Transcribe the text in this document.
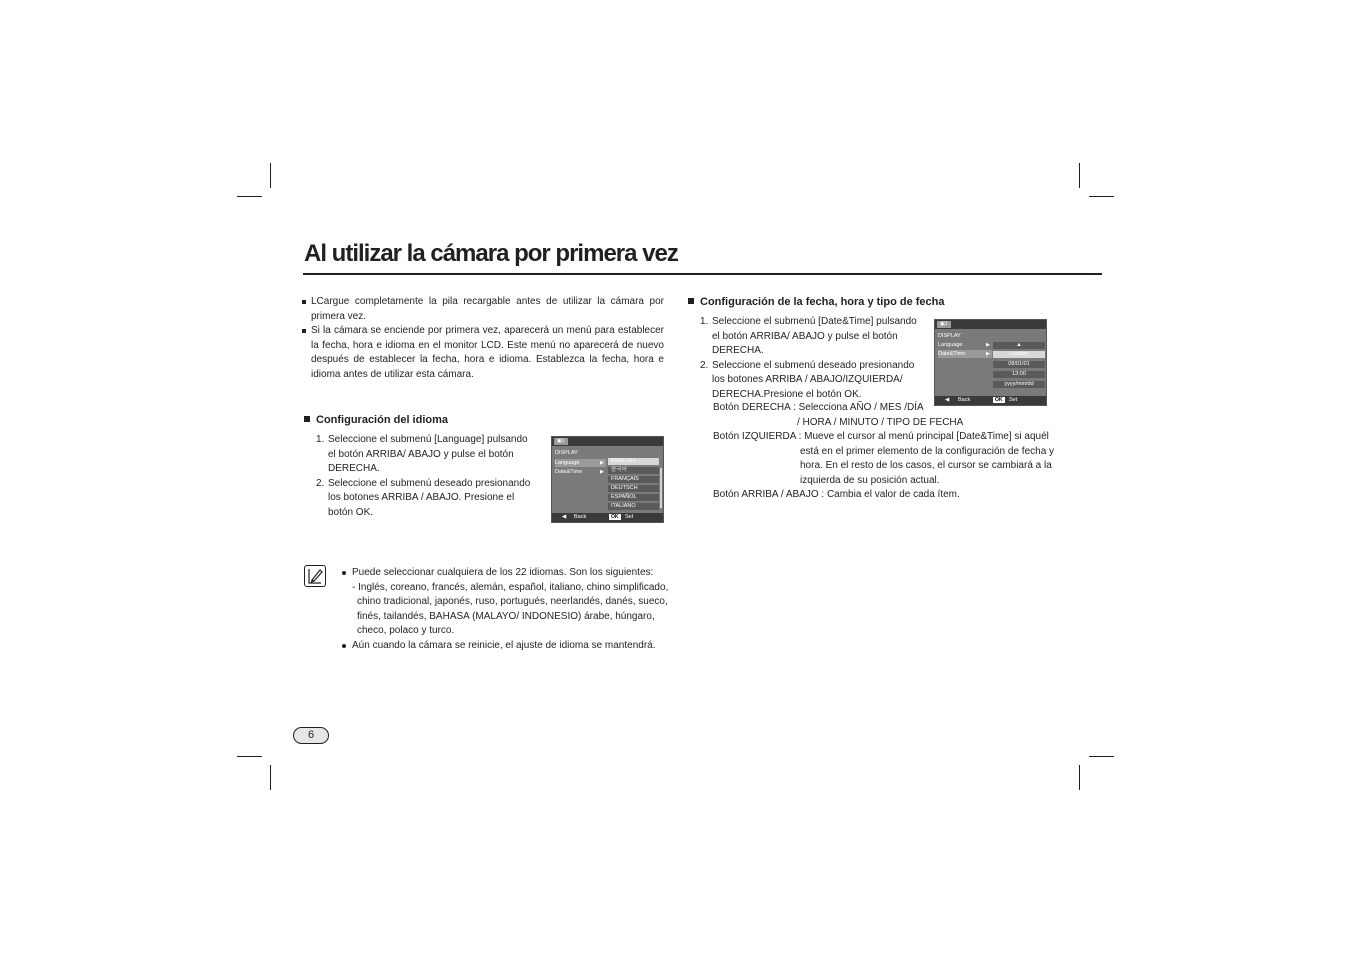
Al utilizar la cámara por primera vez
LCargue completamente la pila recargable antes de utilizar la cámara por primera vez.
Si la cámara se enciende por primera vez, aparecerá un menú para establecer la fecha, hora e idioma en el monitor LCD. Este menú no aparecerá de nuevo después de establecer la fecha, hora e idioma. Establezca la fecha, hora e idioma antes de utilizar esta cámara.
Configuración del idioma
1. Seleccione el submenú [Language] pulsando
el botón ARRIBA/ ABAJO y pulse el botón
DERECHA.
2. Seleccione el submenú deseado presionando
los botones ARRIBA / ABAJO. Presione el
botón OK.
▣1
DISPLAY
Language	▶
Date&Time	▶
ENGLISH
한국어
FRANÇAIS
DEUTSCH
ESPAÑOL
ITALIANO
◀ Back	OK	Set
Configuración de la fecha, hora y tipo de fecha
1. Seleccione el submenú [Date&Time] pulsando
el botón ARRIBA/ ABAJO y pulse el botón
DERECHA.
2. Seleccione el submenú deseado presionando
los botones ARRIBA / ABAJO/IZQUIERDA/
DERECHA.Presione el botón OK.
Botón DERECHA : Selecciona AÑO / MES /DÍA
/ HORA / MINUTO / TIPO DE FECHA
Botón IZQUIERDA : Mueve el cursor al menú principal [Date&Time] si aquél
está en el primer elemento de la configuración de fecha y
hora. En el resto de los casos, el cursor se cambiará a la
izquierda de su posición actual.
Botón ARRIBA / ABAJO : Cambia el valor de cada ítem.
▣1
DISPLAY
Language	▶
Date&Time	▶
▲
London
08/01/01
13:00
yyyy/mm/dd
◀ Back	OK	Set
Puede seleccionar cualquiera de los 22 idiomas. Son los siguientes:
- Inglés, coreano, francés, alemán, español, italiano, chino simplificado,
chino tradicional, japonés, ruso, portugués, neerlandés, danés, sueco,
finés, tailandés, BAHASA (MALAYO/ INDONESIO) árabe, húngaro,
checo, polaco y turco.
Aún cuando la cámara se reinicie, el ajuste de idioma se mantendrá.
6
